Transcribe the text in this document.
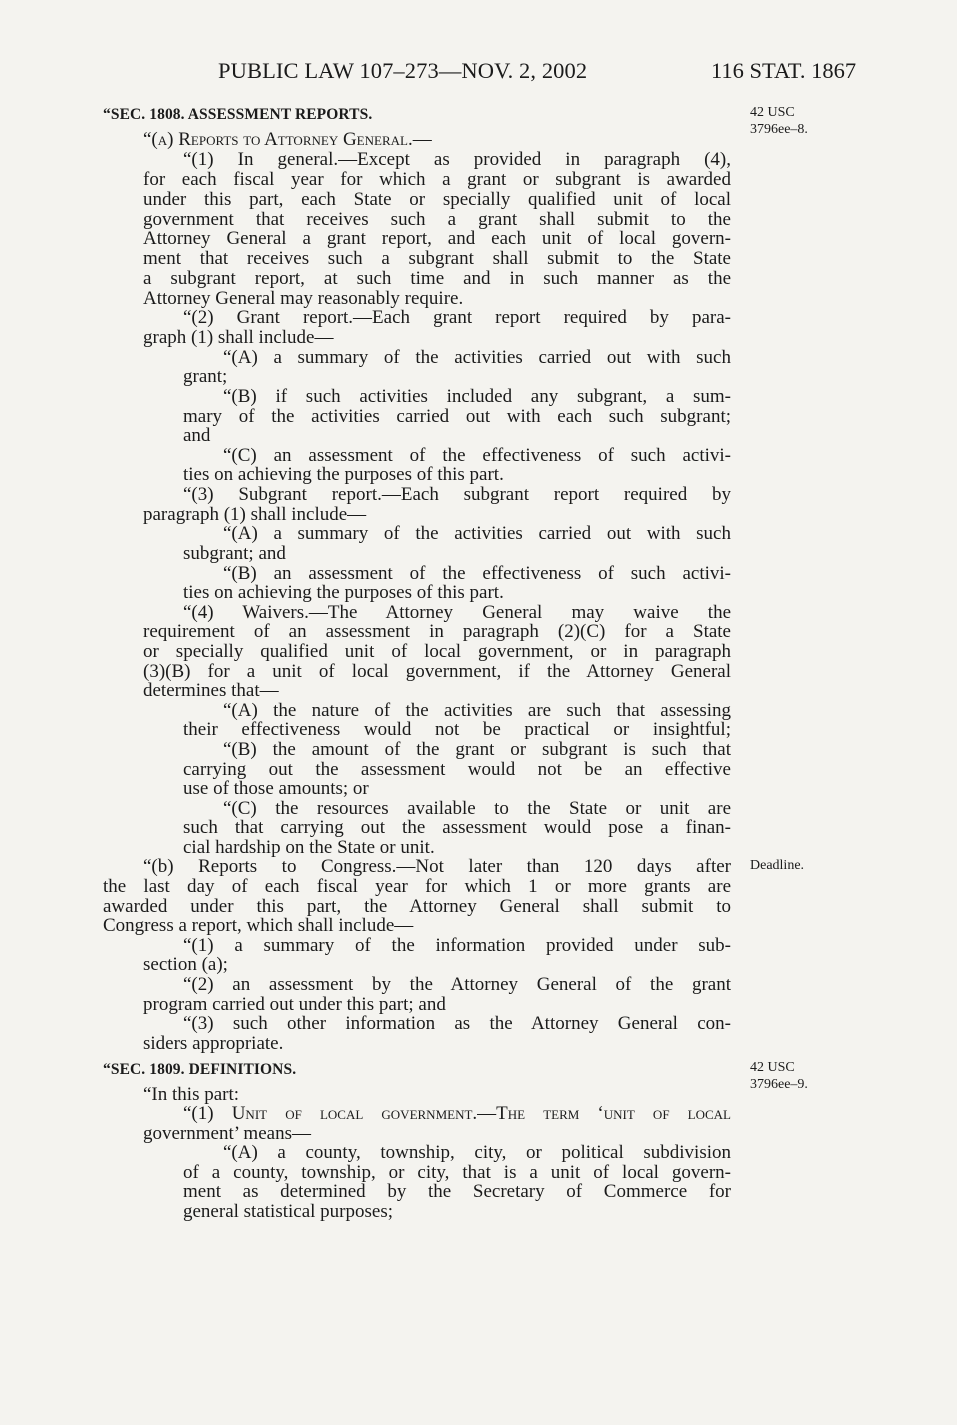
PUBLIC LAW 107–273—NOV. 2, 2002	116 STAT. 1867
42 USC
3796ee–8.
Deadline.
42 USC
3796ee–9.
“SEC. 1808. ASSESSMENT REPORTS.
“(a) Reports to Attorney General.—
“(1) In general.—Except as provided in paragraph (4),
for each fiscal year for which a grant or subgrant is awarded
under this part, each State or specially qualified unit of local
government that receives such a grant shall submit to the
Attorney General a grant report, and each unit of local govern-
ment that receives such a subgrant shall submit to the State
a subgrant report, at such time and in such manner as the
Attorney General may reasonably require.
“(2) Grant report.—Each grant report required by para-
graph (1) shall include—
“(A) a summary of the activities carried out with such
grant;
“(B) if such activities included any subgrant, a sum-
mary of the activities carried out with each such subgrant;
and
“(C) an assessment of the effectiveness of such activi-
ties on achieving the purposes of this part.
“(3) Subgrant report.—Each subgrant report required by
paragraph (1) shall include—
“(A) a summary of the activities carried out with such
subgrant; and
“(B) an assessment of the effectiveness of such activi-
ties on achieving the purposes of this part.
“(4) Waivers.—The Attorney General may waive the
requirement of an assessment in paragraph (2)(C) for a State
or specially qualified unit of local government, or in paragraph
(3)(B) for a unit of local government, if the Attorney General
determines that—
“(A) the nature of the activities are such that assessing
their effectiveness would not be practical or insightful;
“(B) the amount of the grant or subgrant is such that
carrying out the assessment would not be an effective
use of those amounts; or
“(C) the resources available to the State or unit are
such that carrying out the assessment would pose a finan-
cial hardship on the State or unit.
“(b) Reports to Congress.—Not later than 120 days after
the last day of each fiscal year for which 1 or more grants are
awarded under this part, the Attorney General shall submit to
Congress a report, which shall include—
“(1) a summary of the information provided under sub-
section (a);
“(2) an assessment by the Attorney General of the grant
program carried out under this part; and
“(3) such other information as the Attorney General con-
siders appropriate.
“SEC. 1809. DEFINITIONS.
“In this part:
“(1) Unit of local government.—The term ‘unit of local
government’ means—
“(A) a county, township, city, or political subdivision
of a county, township, or city, that is a unit of local govern-
ment as determined by the Secretary of Commerce for
general statistical purposes;
